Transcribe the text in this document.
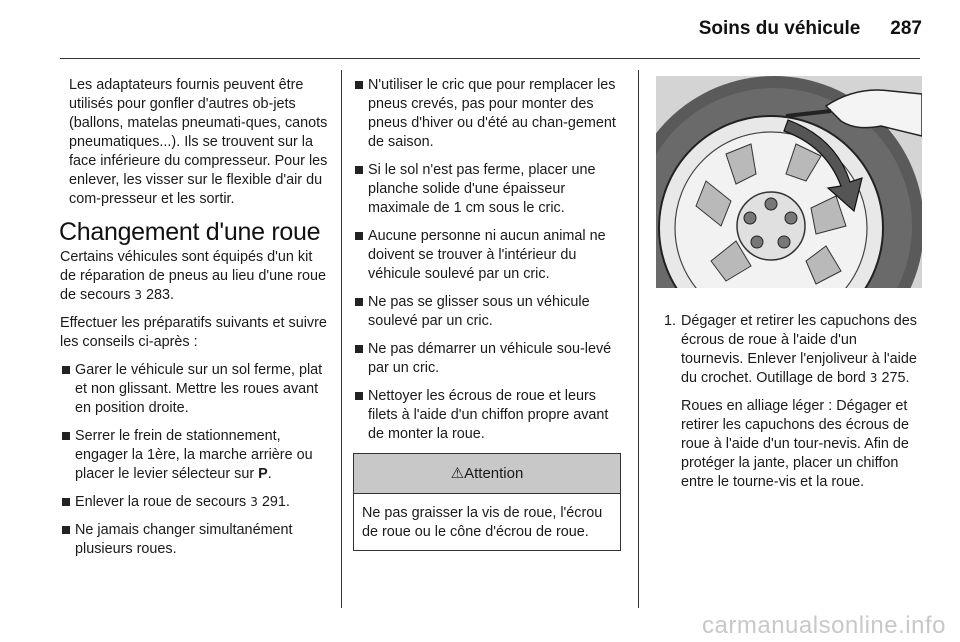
Soins du véhicule 287

Les adaptateurs fournis peuvent être utilisés pour gonfler d'autres ob-jets (ballons, matelas pneumati-ques, canots pneumatiques...). Ils se trouvent sur la face inférieure du compresseur. Pour les enlever, les visser sur le flexible d'air du com-presseur et les sortir.

Changement d'une roue

Certains véhicules sont équipés d'un kit de réparation de pneus au lieu d'une roue de secours 3 283.

Effectuer les préparatifs suivants et suivre les conseils ci-après :

Garer le véhicule sur un sol ferme, plat et non glissant. Mettre les roues avant en position droite.
Serrer le frein de stationnement, engager la 1ère, la marche arrière ou placer le levier sélecteur sur P.
Enlever la roue de secours 3 291.
Ne jamais changer simultanément plusieurs roues.
N'utiliser le cric que pour remplacer les pneus crevés, pas pour monter des pneus d'hiver ou d'été au chan-gement de saison.
Si le sol n'est pas ferme, placer une planche solide d'une épaisseur maximale de 1 cm sous le cric.
Aucune personne ni aucun animal ne doivent se trouver à l'intérieur du véhicule soulevé par un cric.
Ne pas se glisser sous un véhicule soulevé par un cric.
Ne pas démarrer un véhicule sou-levé par un cric.
Nettoyer les écrous de roue et leurs filets à l'aide d'un chiffon propre avant de monter la roue.
⚠Attention
Ne pas graisser la vis de roue, l'écrou de roue ou le cône d'écrou de roue.
1. Dégager et retirer les capuchons des écrous de roue à l'aide d'un tournevis. Enlever l'enjoliveur à l'aide du crochet. Outillage de bord 3 275.

Roues en alliage léger : Dégager et retirer les capuchons des écrous de roue à l'aide d'un tour-nevis. Afin de protéger la jante, placer un chiffon entre le tourne-vis et la roue.

carmanualsonline.info
